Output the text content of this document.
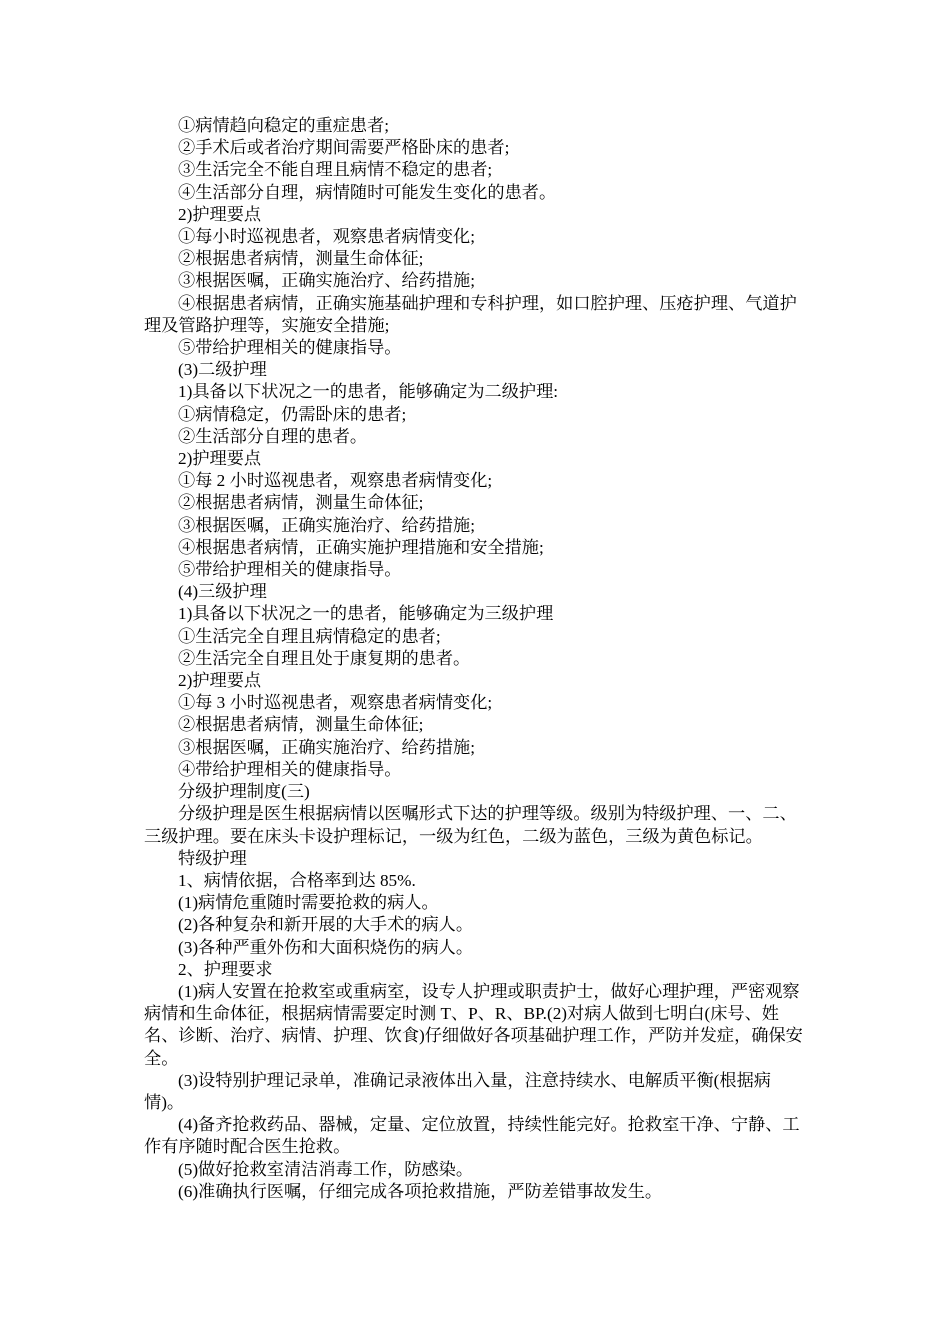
①病情趋向稳定的重症患者;

②手术后或者治疗期间需要严格卧床的患者;

③生活完全不能自理且病情不稳定的患者;

④生活部分自理，病情随时可能发生变化的患者。

2)护理要点

①每小时巡视患者，观察患者病情变化;

②根据患者病情，测量生命体征;

③根据医嘱，正确实施治疗、给药措施;

④根据患者病情，正确实施基础护理和专科护理，如口腔护理、压疮护理、气道护理及管路护理等，实施安全措施;

⑤带给护理相关的健康指导。

(3)二级护理

1)具备以下状况之一的患者，能够确定为二级护理:

①病情稳定，仍需卧床的患者;

②生活部分自理的患者。

2)护理要点

①每 2 小时巡视患者，观察患者病情变化;

②根据患者病情，测量生命体征;

③根据医嘱，正确实施治疗、给药措施;

④根据患者病情，正确实施护理措施和安全措施;

⑤带给护理相关的健康指导。

(4)三级护理

1)具备以下状况之一的患者，能够确定为三级护理

①生活完全自理且病情稳定的患者;

②生活完全自理且处于康复期的患者。

2)护理要点

①每 3 小时巡视患者，观察患者病情变化;

②根据患者病情，测量生命体征;

③根据医嘱，正确实施治疗、给药措施;

④带给护理相关的健康指导。

分级护理制度(三)

分级护理是医生根据病情以医嘱形式下达的护理等级。级别为特级护理、一、二、三级护理。要在床头卡设护理标记，一级为红色，二级为蓝色，三级为黄色标记。

特级护理

1、病情依据，合格率到达 85%.

(1)病情危重随时需要抢救的病人。

(2)各种复杂和新开展的大手术的病人。

(3)各种严重外伤和大面积烧伤的病人。

2、护理要求

(1)病人安置在抢救室或重病室，设专人护理或职责护士，做好心理护理，严密观察病情和生命体征，根据病情需要定时测 T、P、R、BP.(2)对病人做到七明白(床号、姓名、诊断、治疗、病情、护理、饮食)仔细做好各项基础护理工作，严防并发症，确保安全。

(3)设特别护理记录单，准确记录液体出入量，注意持续水、电解质平衡(根据病情)。

(4)备齐抢救药品、器械，定量、定位放置，持续性能完好。抢救室干净、宁静、工作有序随时配合医生抢救。

(5)做好抢救室清洁消毒工作，防感染。

(6)准确执行医嘱，仔细完成各项抢救措施，严防差错事故发生。
